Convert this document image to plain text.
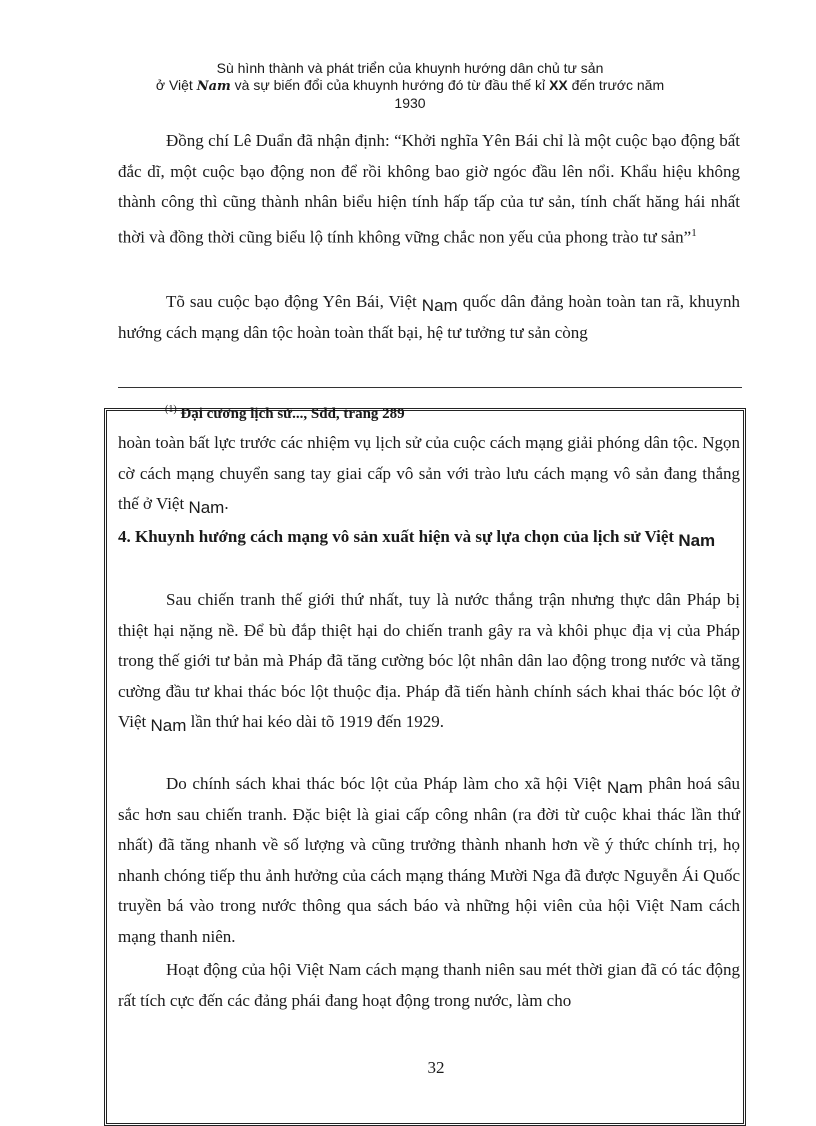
Sù hình thành và phát triển của khuynh hướng dân chủ tư sản
ở Việt Nam và sự biến đổi của khuynh hướng đó từ đầu thế kỉ XX đến trước năm
1930

Đồng chí Lê Duẩn đã nhận định: “Khởi nghĩa Yên Bái chỉ là một cuộc bạo động bất đắc dĩ, một cuộc bạo động non để rồi không bao giờ ngóc đầu lên nổi. Khẩu hiệu không thành công thì cũng thành nhân biểu hiện tính hấp tấp của tư sản, tính chất hăng hái nhất thời và đồng thời cũng biểu lộ tính không vững chắc non yếu của phong trào tư sản”$^1$

Tõ sau cuộc bạo động Yên Bái, Việt Nam quốc dân đảng hoàn toàn tan rã, khuynh hướng cách mạng dân tộc hoàn toàn thất bại, hệ tư tưởng tư sản còng

$^{(1)}$ Đại cương lịch sử..., Sdd, trang 289

hoàn toàn bất lực trước các nhiệm vụ lịch sử của cuộc cách mạng giải phóng dân tộc. Ngọn cờ cách mạng chuyển sang tay giai cấp vô sản với trào lưu cách mạng vô sản đang thắng thế ở Việt Nam.

4. Khuynh hướng cách mạng vô sản xuất hiện và sự lựa chọn của lịch sử Việt Nam

Sau chiến tranh thế giới thứ nhất, tuy là nước thắng trận nhưng thực dân Pháp bị thiệt hại nặng nề. Để bù đắp thiệt hại do chiến tranh gây ra và khôi phục địa vị của Pháp trong thế giới tư bản mà Pháp đã tăng cường bóc lột nhân dân lao động trong nước và tăng cường đầu tư khai thác bóc lột thuộc địa. Pháp đã tiến hành chính sách khai thác bóc lột ở Việt Nam lần thứ hai kéo dài tõ 1919 đến 1929.

Do chính sách khai thác bóc lột của Pháp làm cho xã hội Việt Nam phân hoá sâu sắc hơn sau chiến tranh. Đặc biệt là giai cấp công nhân (ra đời từ cuộc khai thác lần thứ nhất) đã tăng nhanh về số lượng và cũng trưởng thành nhanh hơn về ý thức chính trị, họ nhanh chóng tiếp thu ảnh hưởng của cách mạng tháng Mười Nga đã được Nguyễn Ái Quốc truyền bá vào trong nước thông qua sách báo và những hội viên của hội Việt Nam cách mạng thanh niên.

Hoạt động của hội Việt Nam cách mạng thanh niên sau mét thời gian đã có tác động rất tích cực đến các đảng phái đang hoạt động trong nước, làm cho

32
